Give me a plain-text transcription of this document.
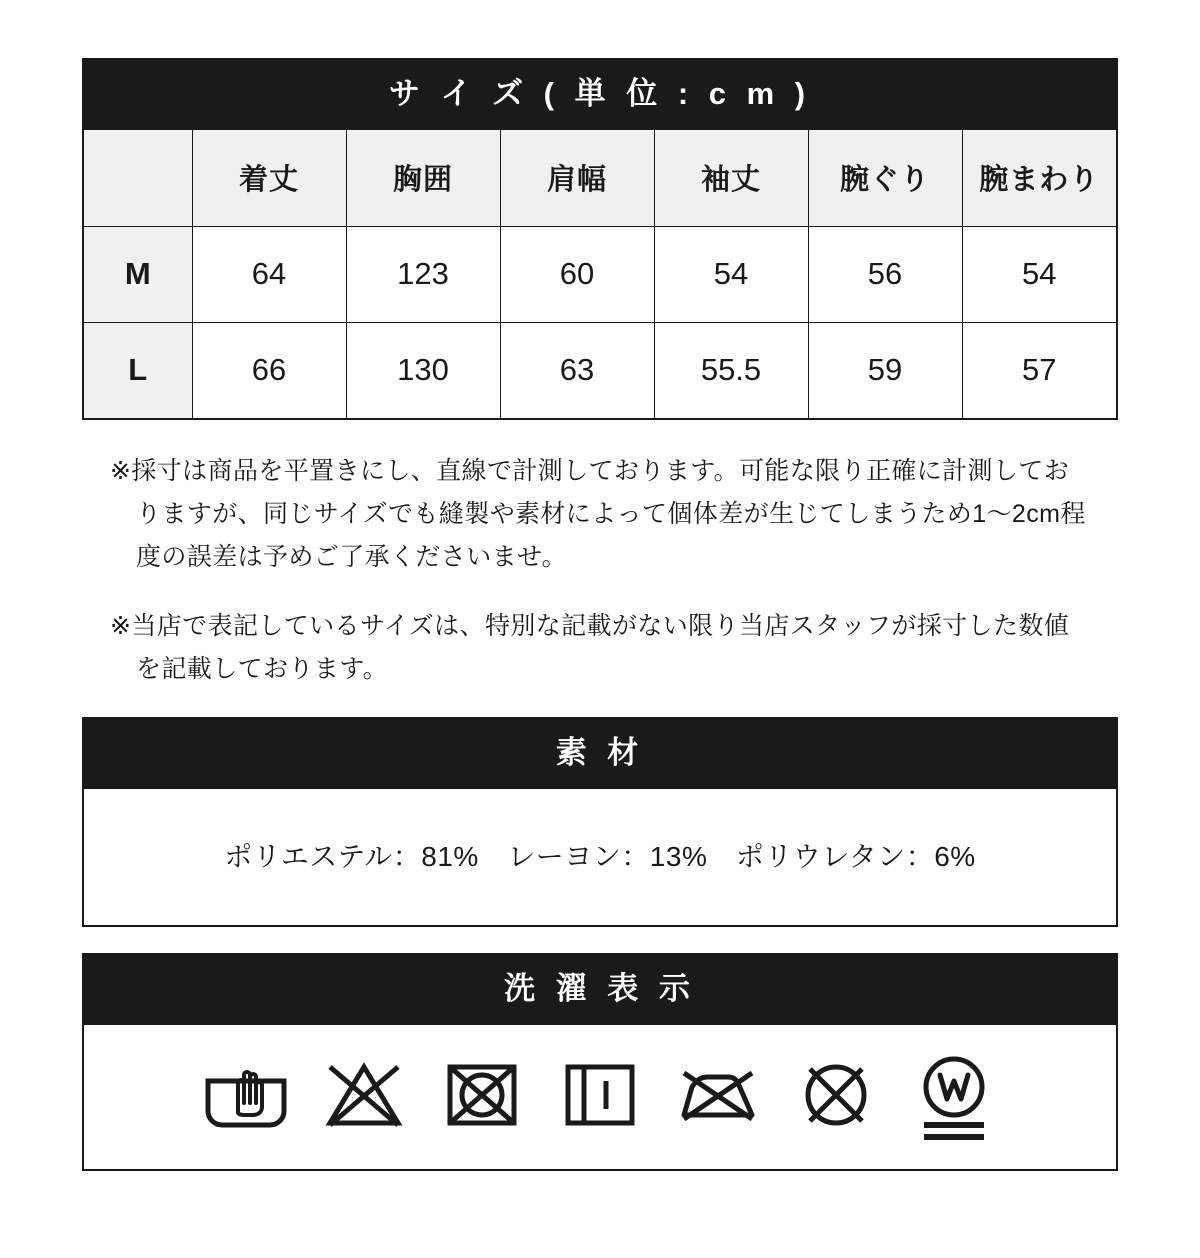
サ イ ズ ( 単 位 : c m )
	着丈	胸囲	肩幅	袖丈	腕ぐり	腕まわり
M	64	123	60	54	56	54
L	66	130	63	55.5	59	57

※採寸は商品を平置きにし、直線で計測しております。可能な限り正確に計測しておりますが、同じサイズでも縫製や素材によって個体差が生じてしまうため1〜2cm程度の誤差は予めご了承くださいませ。

※当店で表記しているサイズは、特別な記載がない限り当店スタッフが採寸した数値を記載しております。

素 材
ポリエステル：81%　レーヨン：13%　ポリウレタン：6%
洗 濯 表 示
